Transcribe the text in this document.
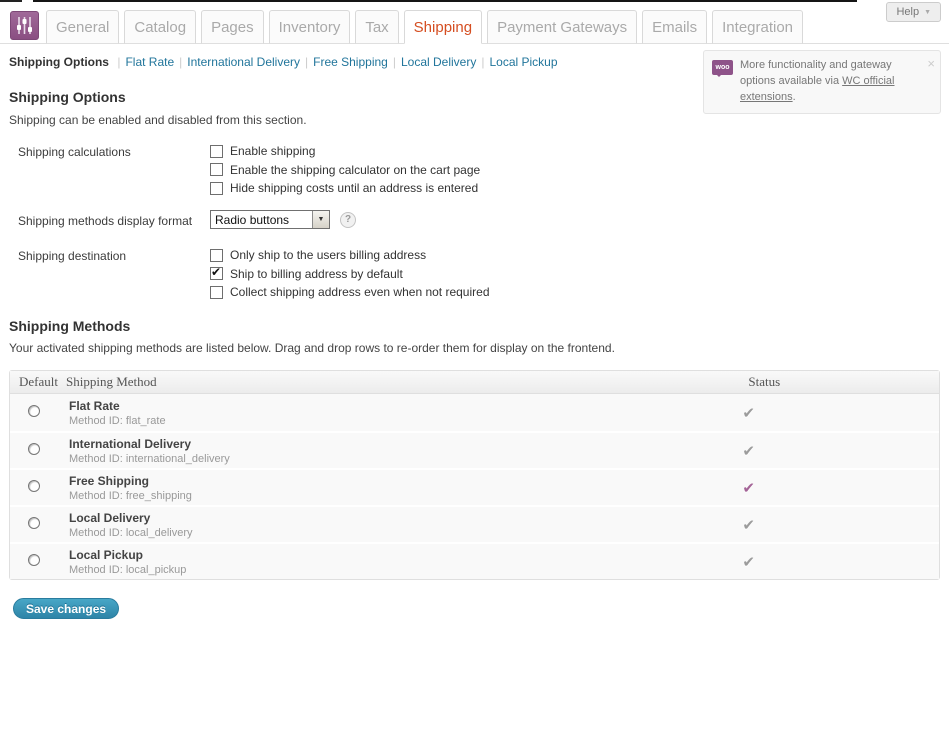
Help ▼
General	Catalog	Pages	Inventory	Tax	Shipping	Payment Gateways	Emails	Integration
Shipping Options | Flat Rate | International Delivery | Free Shipping | Local Delivery | Local Pickup	woo More functionality and gateway options available via WC official extensions.
×
Shipping Options
Shipping can be enabled and disabled from this section.
Shipping calculations	Enable shipping
Enable the shipping calculator on the cart page
Hide shipping costs until an address is entered
Shipping methods display format	Radio buttons	▼	?
Shipping destination	Only ship to the users billing address
✔ Ship to billing address by default
Collect shipping address even when not required
Shipping Methods
Your activated shipping methods are listed below. Drag and drop rows to re-order them for display on the frontend.
Default	Shipping Method	Status

	Flat Rate
Method ID: flat_rate	✔

	International Delivery
Method ID: international_delivery	✔

	Free Shipping
Method ID: free_shipping	✔

	Local Delivery
Method ID: local_delivery	✔

	Local Pickup
Method ID: local_pickup	✔
Save changes
